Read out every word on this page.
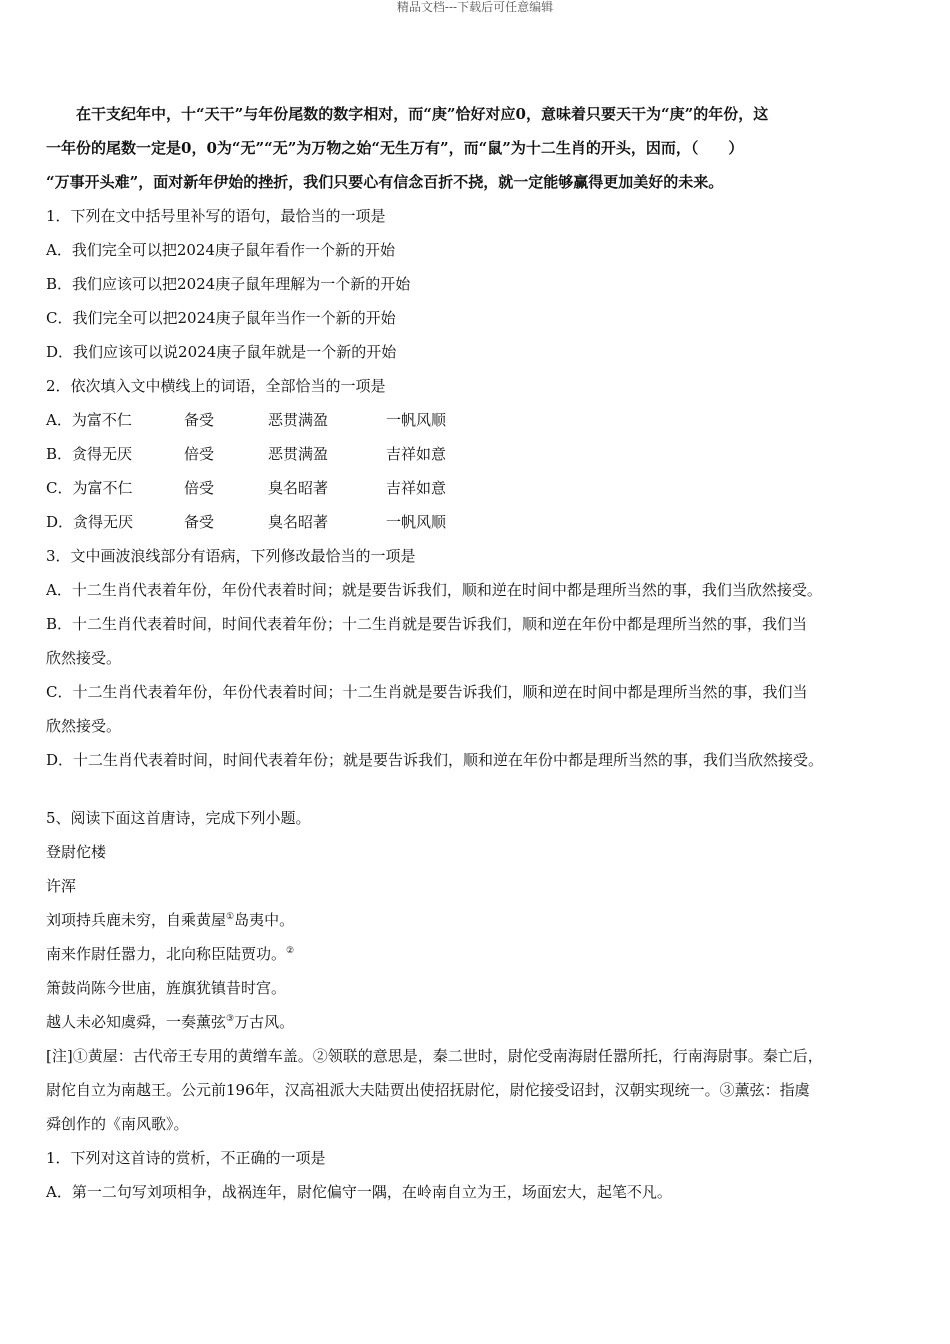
精品文档---下载后可任意编辑

在干支纪年中，十“天干”与年份尾数的数字相对，而“庚”恰好对应0，意味着只要天干为“庚”的年份，这

一年份的尾数一定是0，0为“无”“无”为万物之始“无生万有”，而“鼠”为十二生肖的开头，因而，（　　）

“万事开头难”，面对新年伊始的挫折，我们只要心有信念百折不挠，就一定能够赢得更加美好的未来。

1．下列在文中括号里补写的语句，最恰当的一项是

A．我们完全可以把2024庚子鼠年看作一个新的开始

B．我们应该可以把2024庚子鼠年理解为一个新的开始

C．我们完全可以把2024庚子鼠年当作一个新的开始

D．我们应该可以说2024庚子鼠年就是一个新的开始

2．依次填入文中横线上的词语，全部恰当的一项是

A．为富不仁	备受	恶贯满盈	一帆风顺

B．贪得无厌	倍受	恶贯满盈	吉祥如意

C．为富不仁	倍受	臭名昭著	吉祥如意

D．贪得无厌	备受	臭名昭著	一帆风顺

3．文中画波浪线部分有语病，下列修改最恰当的一项是

A．十二生肖代表着年份，年份代表着时间；就是要告诉我们，顺和逆在时间中都是理所当然的事，我们当欣然接受。

B．十二生肖代表着时间，时间代表着年份；十二生肖就是要告诉我们，顺和逆在年份中都是理所当然的事，我们当

欣然接受。

C．十二生肖代表着年份，年份代表着时间；十二生肖就是要告诉我们，顺和逆在时间中都是理所当然的事，我们当

欣然接受。

D．十二生肖代表着时间，时间代表着年份；就是要告诉我们，顺和逆在年份中都是理所当然的事，我们当欣然接受。

5、阅读下面这首唐诗，完成下列小题。

登尉佗楼

许浑

刘项持兵鹿未穷，自乘黄屋①岛夷中。

南来作尉任嚣力，北向称臣陆贾功。②

箫鼓尚陈今世庙，旌旗犹镇昔时宫。

越人未必知虞舜，一奏薰弦③万古风。

[注]①黄屋：古代帝王专用的黄缯车盖。②领联的意思是，秦二世时，尉佗受南海尉任嚣所托，行南海尉事。秦亡后，

尉佗自立为南越王。公元前196年，汉高祖派大夫陆贾出使招抚尉佗，尉佗接受诏封，汉朝实现统一。③薰弦：指虞

舜创作的《南风歌》。

1．下列对这首诗的赏析，不正确的一项是

A．第一二句写刘项相争，战祸连年，尉佗偏守一隅，在岭南自立为王，场面宏大，起笔不凡。
